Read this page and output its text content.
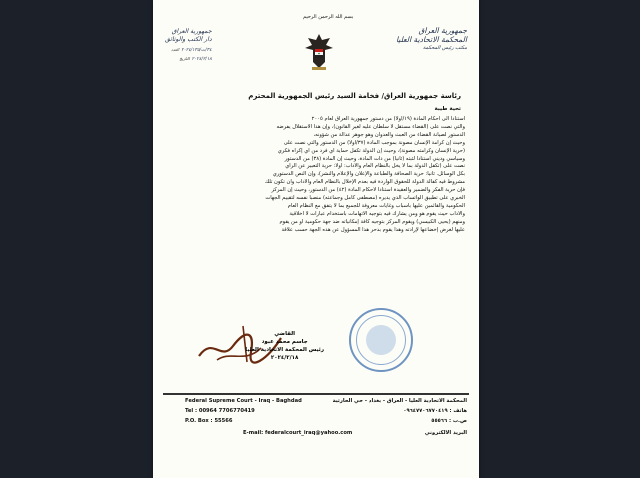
بسم الله الرحمن الرحيم
جمهورية العراق
المحكمة الاتحادية العليا
مكتب رئيس المحكمة
جمهورية العراق
دار الكتب والوثائق
٣٤/ت/٢٠٢٤/١٣٥ العدد
٢٠٢٤/٢/١٨ التاريخ
رئاسة جمهورية العراق/ فخامة السيد رئيس الجمهورية المحترم
تحية طيبة
استناداً الى أحكام المادة (١٩/أولاً) من دستور جمهورية العراق لعام ٢٠٠٥
والتي نصت على (القضاء مستقل لا سلطان عليه لغير القانون)، وإن هذا الاستقلال يفرضه
الدستور لصيانة القضاء من العبث والعدوان وهو جوهر عدالة من شؤونه،
وحيث إن كرامة الإنسان مصونة بموجب المادة (٣٧/أولاً) من الدستور والتي نصت على
(حرية الإنسان وكرامته مصونة)، وحيث إن الدولة تكفل حماية أي فرد من أي إكراه فكري
وسياسي وديني استناداً لثبته (ثانياً) من ذات المادة، وحيث إن المادة (٣٨) من الدستور
نصت على (تكفل الدولة بما لا يخل بالنظام العام والآداب: أولاً: حرية التعبير عن الرأي
بكل الوسائل. ثانياً: حرية الصحافة والطباعة والإعلان والإعلام والنشر)، وإن النص الدستوري
مشروط فيه كفالة الدولة للحقوق الواردة فيه بعدم الإخلال بالنظام العام والآداب وأن تكون تلك
فإن حرية الفكر والضمير والعقيدة استناداً لأحكام المادة (٤٢) من الدستور، وحيث إن المركز
الخبري على تطبيق الواتساب الذي يديره (مصطفى كامل وجماعته) منصباً نفسه لتقييم الجهات
الحكومية والقائمين عليها بأسباب وغايات معروفة للجميع بما لا يتفق مع النظام العام
والآداب حيث يقوم هو ومن يشارك فيه بتوجيه الاتهامات باستخدام عبارات لا أخلاقية
ومنهم (يحيى الكبيسي) ويقوم المركز بتوجيه كافة إمكانياته ضد جهة حكومية أو من يقوم
عليها لغرض إخضاعها لإرادته وهذا يقوم بدحر هذا المسؤول عن هذه الجهة حسب علاقة
القاضي
جاسم محمد عبود
رئيس المحكمة الاتحادية العليا
٢٠٢٤/٢/١٨
Federal Supreme Court - Iraq - Baghdad
Tel : 00964 7706770419
P.O. Box : 55566
المحكمة الاتحادية العليا - العراق - بغداد - حي الحارثية
هاتف : ٠٩٦٤٧٧٠٦٧٧٠٤١٩
ص.ب : ٥٥٥٦٦
E-mail: federalcourt_iraq@yahoo.com	البريد الالكتروني
